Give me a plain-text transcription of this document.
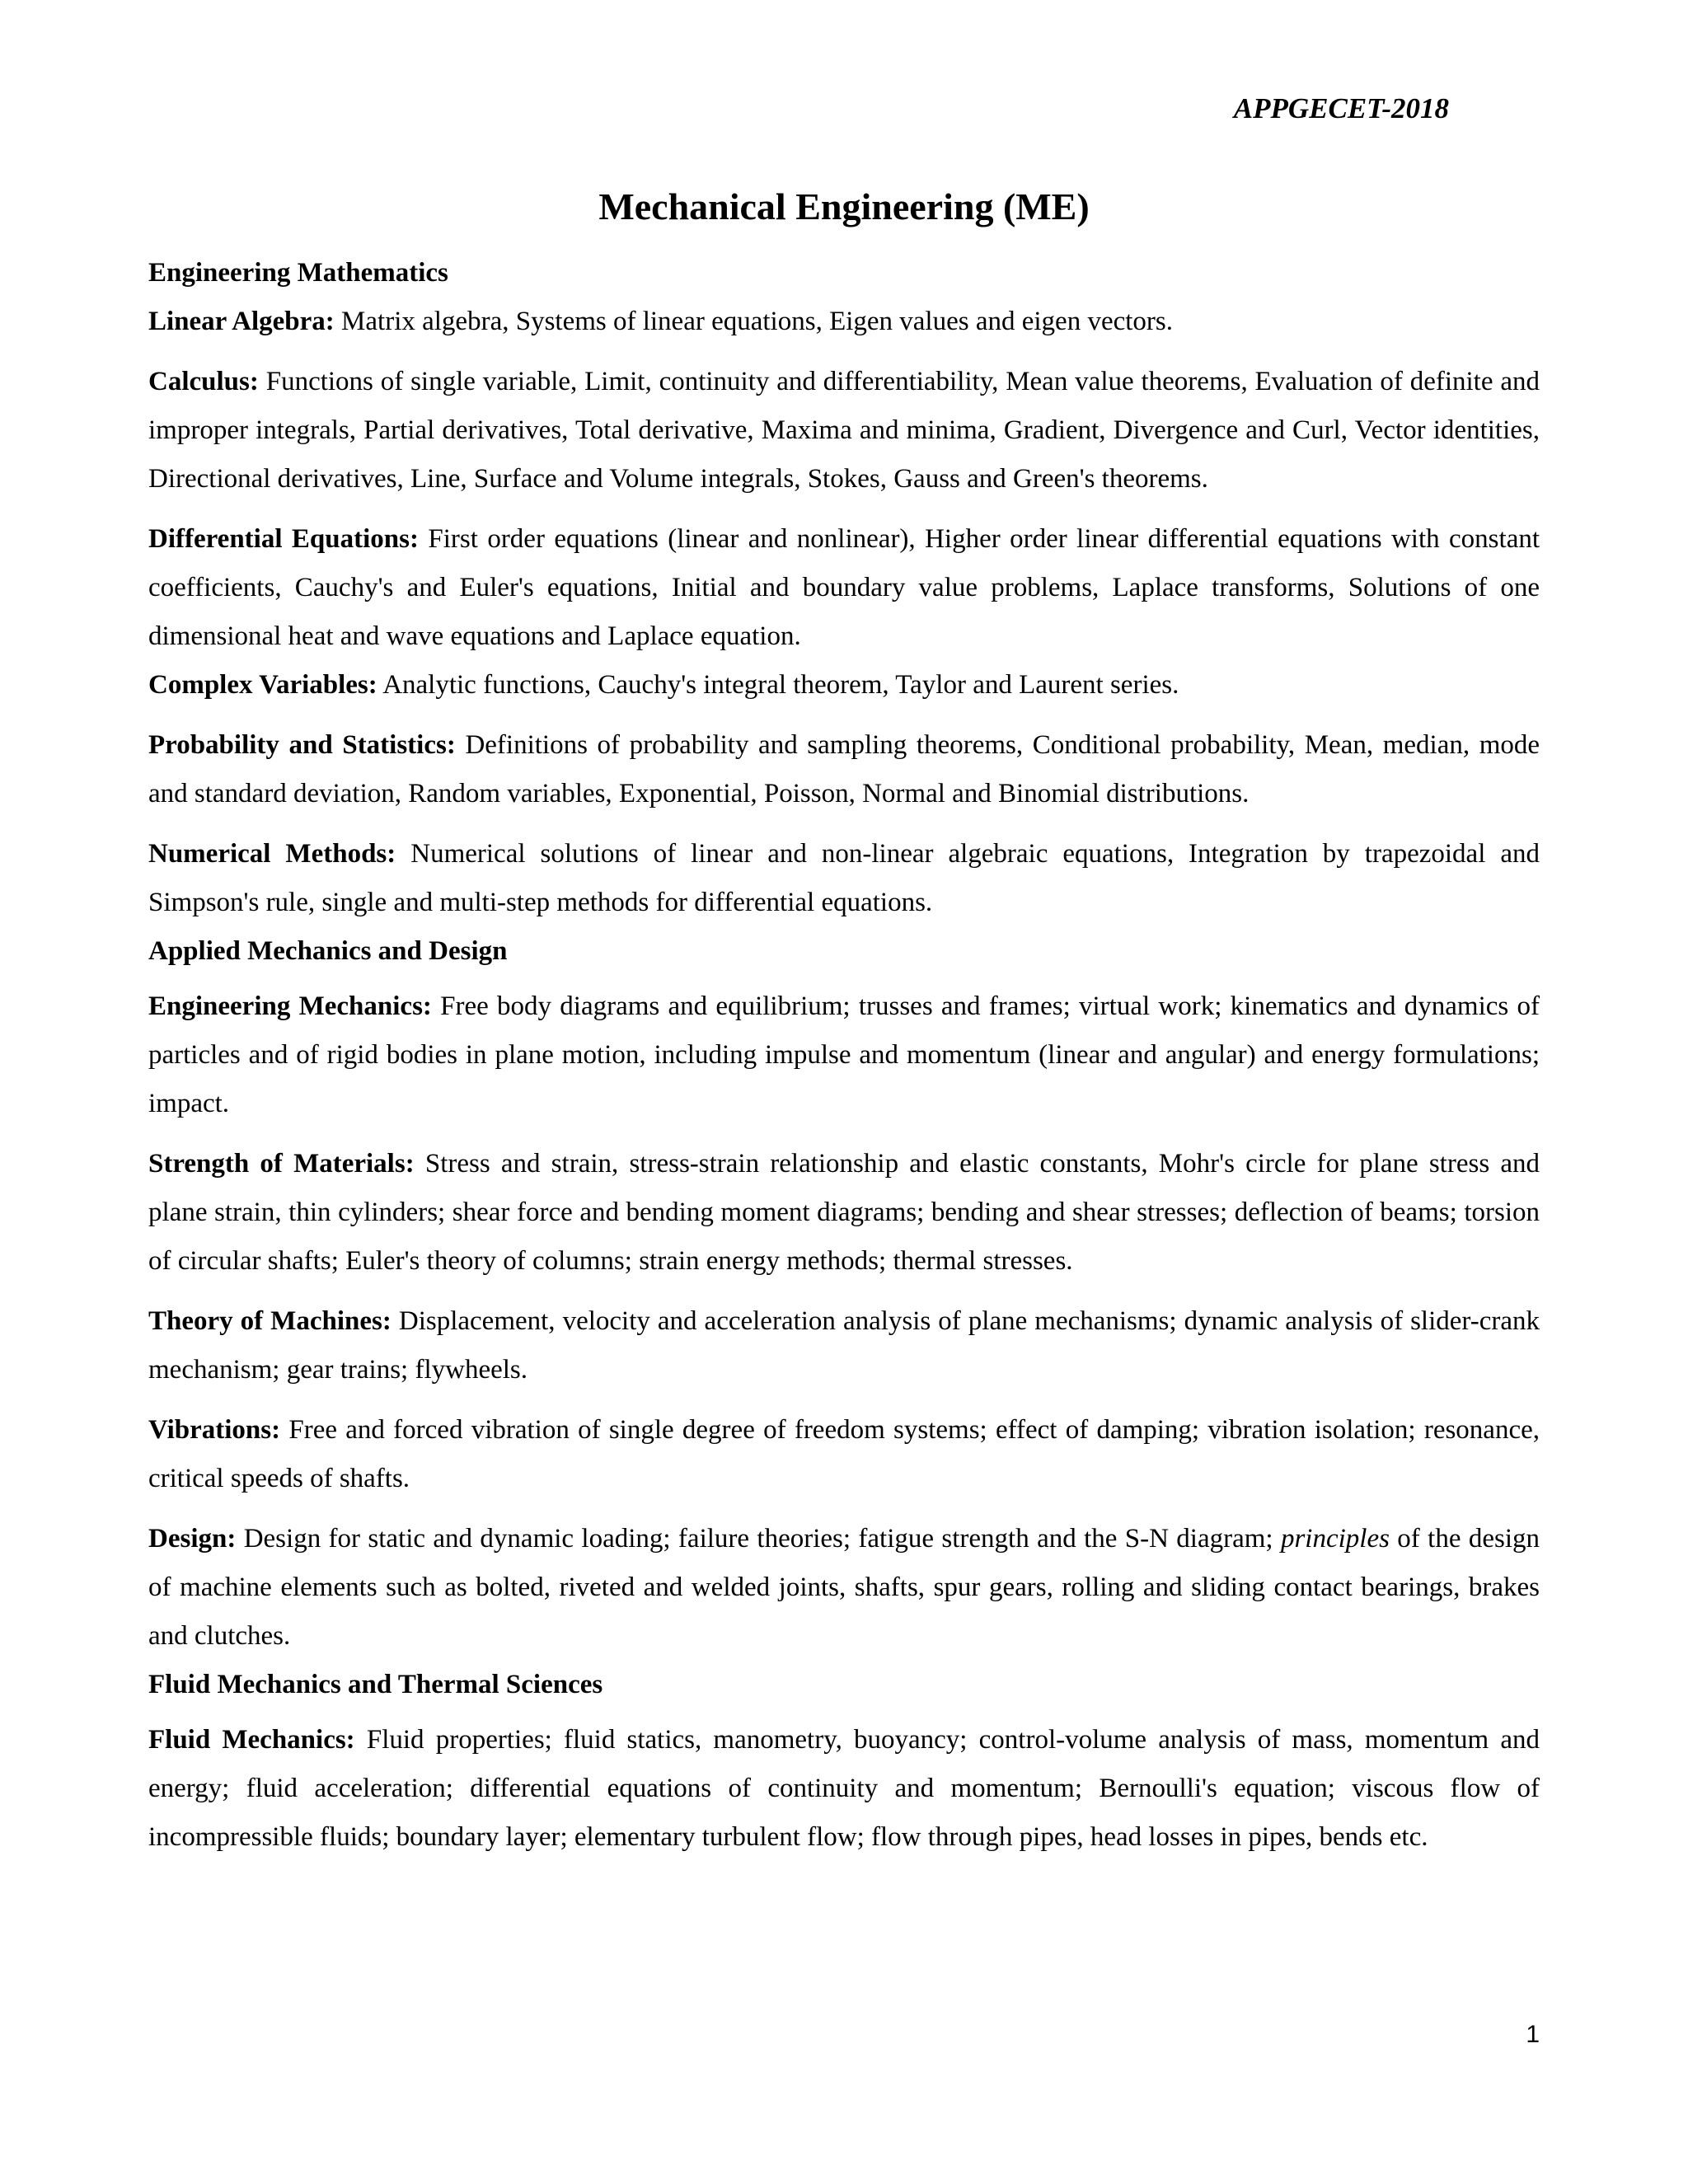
APPGECET-2018
Mechanical Engineering (ME)

Engineering Mathematics

Linear Algebra: Matrix algebra, Systems of linear equations, Eigen values and eigen vectors.

Calculus: Functions of single variable, Limit, continuity and differentiability, Mean value theorems, Evaluation of definite and improper integrals, Partial derivatives, Total derivative, Maxima and minima, Gradient, Divergence and Curl, Vector identities, Directional derivatives, Line, Surface and Volume integrals, Stokes, Gauss and Green's theorems.

Differential Equations: First order equations (linear and nonlinear), Higher order linear differential equations with constant coefficients, Cauchy's and Euler's equations, Initial and boundary value problems, Laplace transforms, Solutions of one dimensional heat and wave equations and Laplace equation.

Complex Variables: Analytic functions, Cauchy's integral theorem, Taylor and Laurent series.

Probability and Statistics: Definitions of probability and sampling theorems, Conditional probability, Mean, median, mode and standard deviation, Random variables, Exponential, Poisson, Normal and Binomial distributions.

Numerical Methods: Numerical solutions of linear and non-linear algebraic equations, Integration by trapezoidal and Simpson's rule, single and multi-step methods for differential equations.

Applied Mechanics and Design

Engineering Mechanics: Free body diagrams and equilibrium; trusses and frames; virtual work; kinematics and dynamics of particles and of rigid bodies in plane motion, including impulse and momentum (linear and angular) and energy formulations; impact.

Strength of Materials: Stress and strain, stress-strain relationship and elastic constants, Mohr's circle for plane stress and plane strain, thin cylinders; shear force and bending moment diagrams; bending and shear stresses; deflection of beams; torsion of circular shafts; Euler's theory of columns; strain energy methods; thermal stresses.

Theory of Machines: Displacement, velocity and acceleration analysis of plane mechanisms; dynamic analysis of slider-crank mechanism; gear trains; flywheels.

Vibrations: Free and forced vibration of single degree of freedom systems; effect of damping; vibration isolation; resonance, critical speeds of shafts.

Design: Design for static and dynamic loading; failure theories; fatigue strength and the S-N diagram; principles of the design of machine elements such as bolted, riveted and welded joints, shafts, spur gears, rolling and sliding contact bearings, brakes and clutches.

Fluid Mechanics and Thermal Sciences

Fluid Mechanics: Fluid properties; fluid statics, manometry, buoyancy; control-volume analysis of mass, momentum and energy; fluid acceleration; differential equations of continuity and momentum; Bernoulli's equation; viscous flow of incompressible fluids; boundary layer; elementary turbulent flow; flow through pipes, head losses in pipes, bends etc.

1
